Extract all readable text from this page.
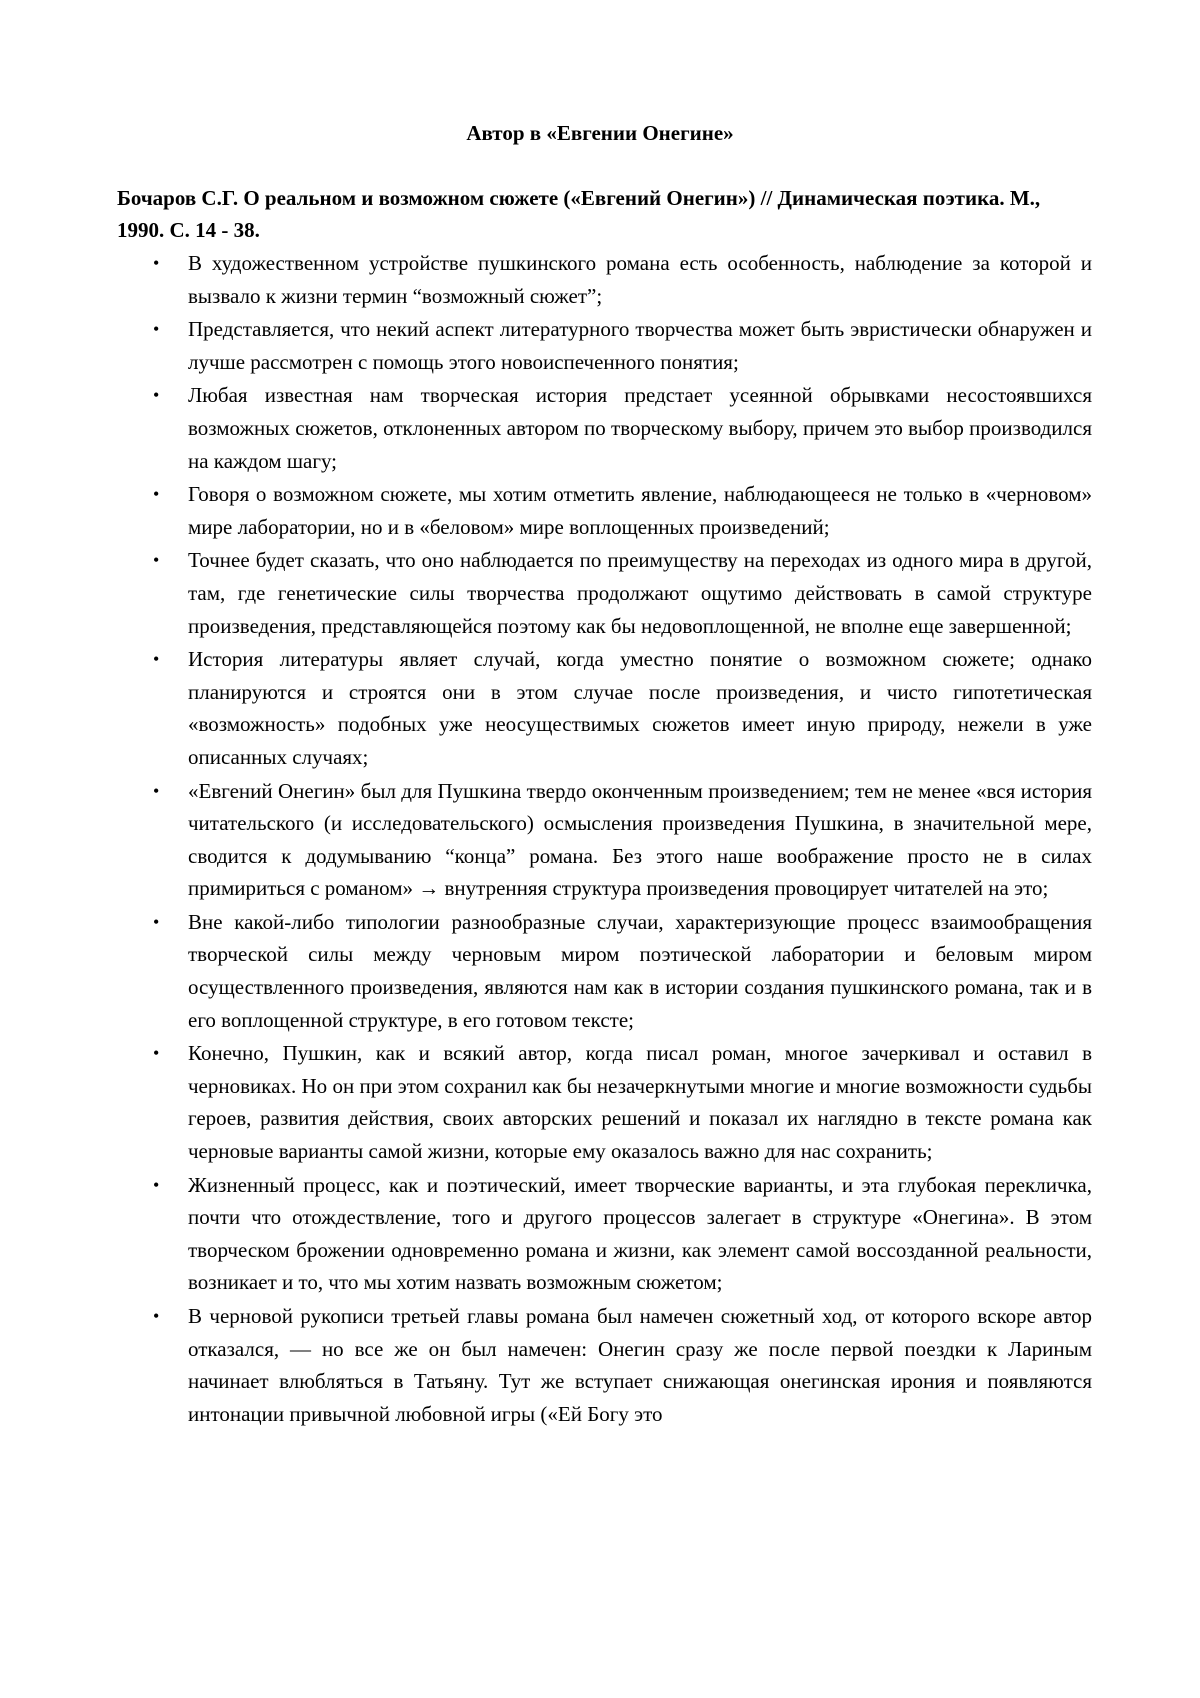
Автор в «Евгении Онегине»

Бочаров С.Г. О реальном и возможном сюжете («Евгений Онегин») // Динамическая поэтика. М., 1990. С. 14 - 38.

• В художественном устройстве пушкинского романа есть особенность, наблюдение за которой и вызвало к жизни термин “возможный сюжет”;
• Представляется, что некий аспект литературного творчества может быть эвристически обнаружен и лучше рассмотрен с помощь этого новоиспеченного понятия;
• Любая известная нам творческая история предстает усеянной обрывками несостоявшихся возможных сюжетов, отклоненных автором по творческому выбору, причем это выбор производился на каждом шагу;
• Говоря о возможном сюжете, мы хотим отметить явление, наблюдающееся не только в «черновом» мире лаборатории, но и в «беловом» мире воплощенных произведений;
• Точнее будет сказать, что оно наблюдается по преимуществу на переходах из одного мира в другой, там, где генетические силы творчества продолжают ощутимо действовать в самой структуре произведения, представляющейся поэтому как бы недовоплощенной, не вполне еще завершенной;
• История литературы являет случай, когда уместно понятие о возможном сюжете; однако планируются и строятся они в этом случае после произведения, и чисто гипотетическая «возможность» подобных уже неосуществимых сюжетов имеет иную природу, нежели в уже описанных случаях;
• «Евгений Онегин» был для Пушкина твердо оконченным произведением; тем не менее «вся история читательского (и исследовательского) осмысления произведения Пушкина, в значительной мере, сводится к додумыванию “конца” романа. Без этого наше воображение просто не в силах примириться с романом» → внутренняя структура произведения провоцирует читателей на это;
• Вне какой-либо типологии разнообразные случаи, характеризующие процесс взаимообращения творческой силы между черновым миром поэтической лаборатории и беловым миром осуществленного произведения, являются нам как в истории создания пушкинского романа, так и в его воплощенной структуре, в его готовом тексте;
• Конечно, Пушкин, как и всякий автор, когда писал роман, многое зачеркивал и оставил в черновиках. Но он при этом сохранил как бы незачеркнутыми многие и многие возможности судьбы героев, развития действия, своих авторских решений и показал их наглядно в тексте романа как черновые варианты самой жизни, которые ему оказалось важно для нас сохранить;
• Жизненный процесс, как и поэтический, имеет творческие варианты, и эта глубокая перекличка, почти что отождествление, того и другого процессов залегает в структуре «Онегина». В этом творческом брожении одновременно романа и жизни, как элемент самой воссозданной реальности, возникает и то, что мы хотим назвать возможным сюжетом;
• В черновой рукописи третьей главы романа был намечен сюжетный ход, от которого вскоре автор отказался, — но все же он был намечен: Онегин сразу же после первой поездки к Лариным начинает влюбляться в Татьяну. Тут же вступает снижающая онегинская ирония и появляются интонации привычной любовной игры («Ей Богу это
